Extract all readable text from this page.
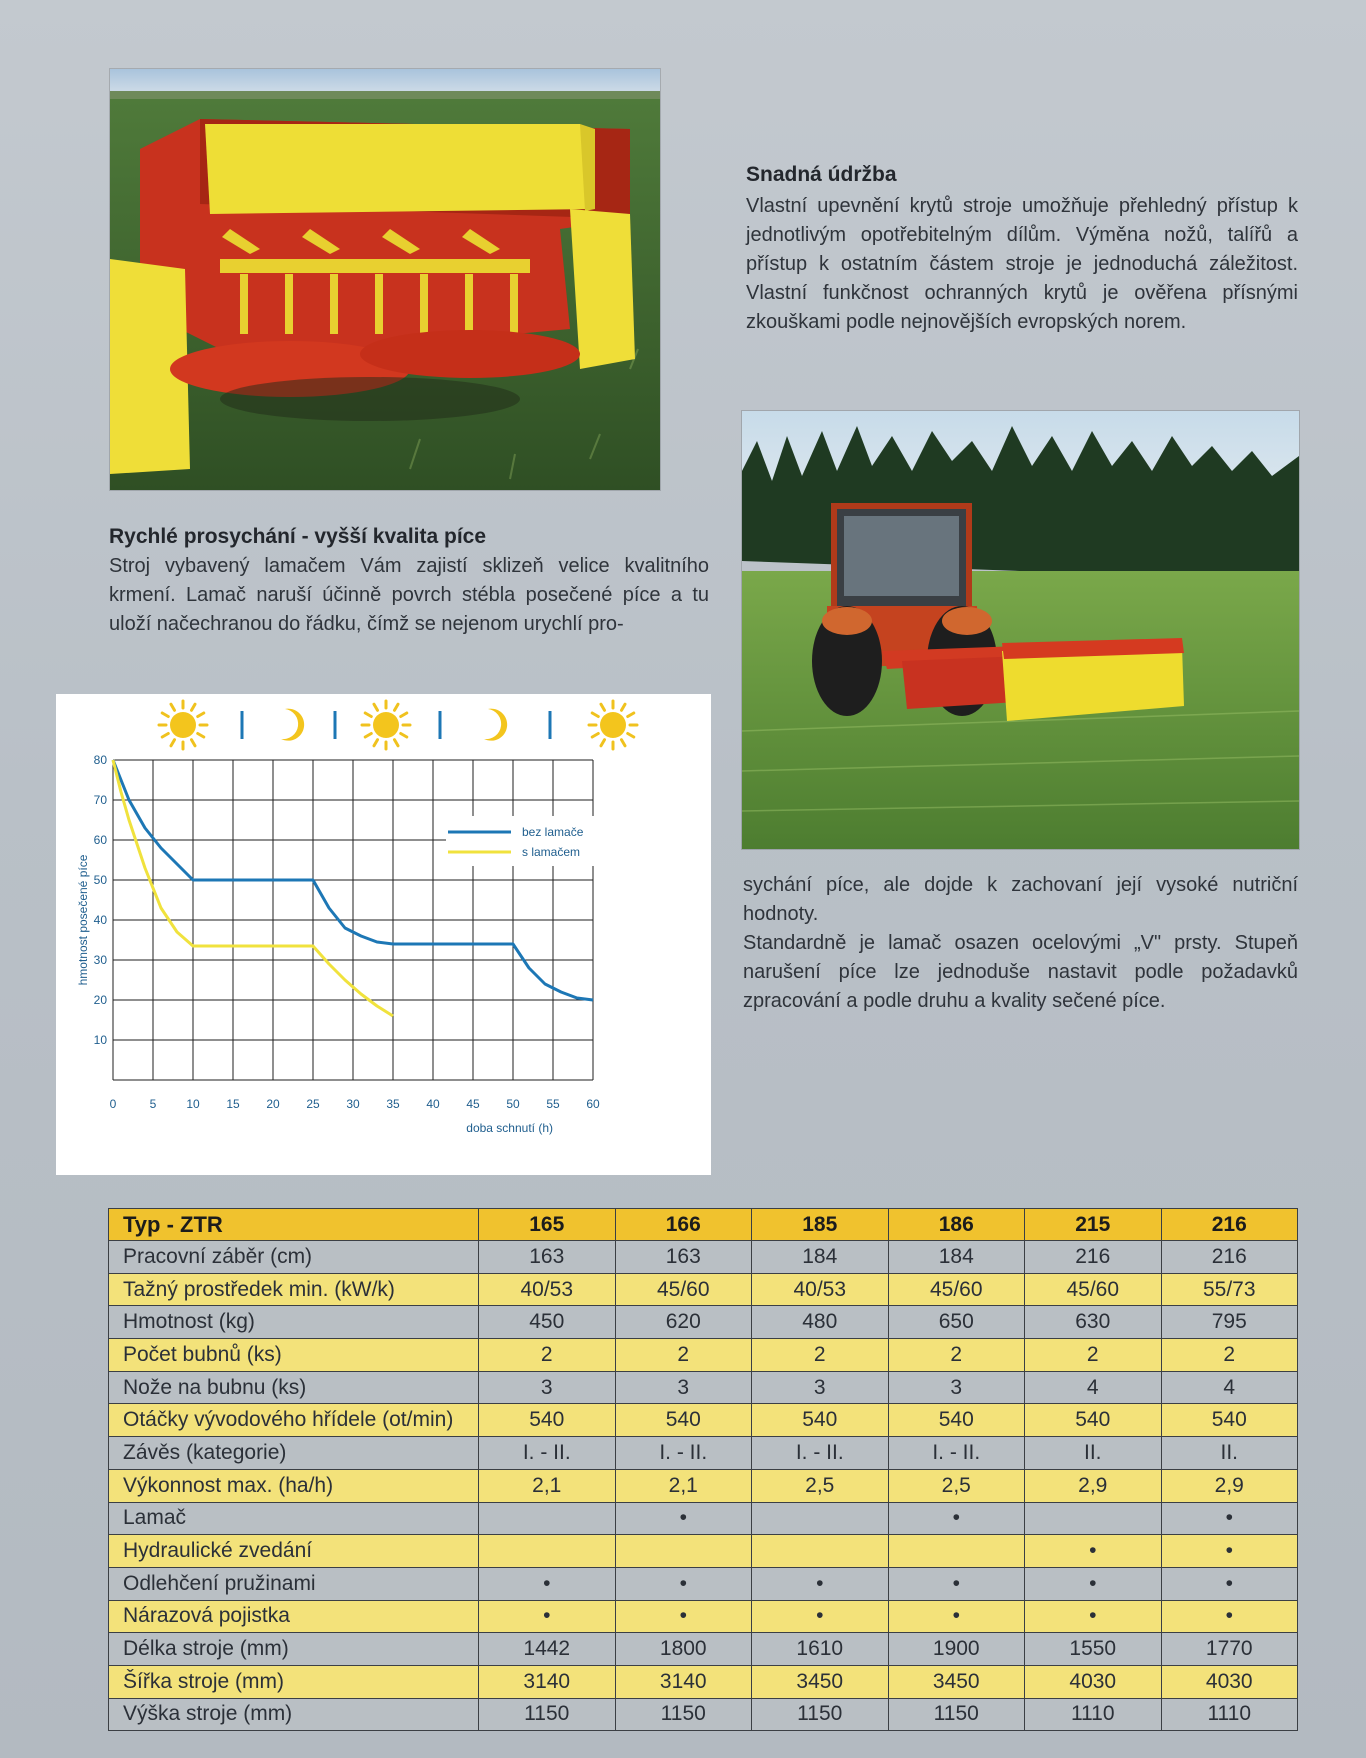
Snadná údržba
Vlastní upevnění krytů stroje umožňuje přehledný přístup k jednotlivým opotřebitelným dílům. Výměna nožů, talířů a přístup k ostatním částem stroje je jednoduchá záležitost. Vlastní funkčnost ochranných krytů je ověřena přísnými zkouškami podle nejnovějších evropských norem.
Rychlé prosychání - vyšší kvalita píce
Stroj vybavený lamačem Vám zajistí sklizeň velice kvalitního krmení. Lamač naruší účinně povrch stébla posečené píce a tu uloží načechranou do řádku, čímž se nejenom urychlí pro-

sychání píce, ale dojde k zachovaní její vysoké nutriční hodnoty.

Standardně je lamač osazen ocelovými „V" prsty. Stupeň narušení píce lze jednoduše nastavit podle požadavků zpracování a podle druhu a kvality sečené píce.

0	5 10 15 20 25 30 35 40 45 50 55 60
10
20
30
40
50
60
70
80
doba schnutí (h)
hmotnost posečené píce
bez lamače
s lamačem
Typ - ZTR	165	166	185	186	215	216
Pracovní záběr (cm)	163	163	184	184	216	216
Tažný prostředek min. (kW/k)	40/53	45/60	40/53	45/60	45/60	55/73
Hmotnost (kg)	450	620	480	650	630	795
Počet bubnů (ks)	2	2	2	2	2	2
Nože na bubnu (ks)	3	3	3	3	4	4
Otáčky vývodového hřídele (ot/min)	540	540	540	540	540	540
Závěs (kategorie)	I. - II.	I. - II.	I. - II.	I. - II.	II.	II.
Výkonnost max. (ha/h)	2,1	2,1	2,5	2,5	2,9	2,9
Lamač		•		•		•
Hydraulické zvedání					•	•
Odlehčení pružinami	•	•	•	•	•	•
Nárazová pojistka	•	•	•	•	•	•
Délka stroje (mm)	1442	1800	1610	1900	1550	1770
Šířka stroje (mm)	3140	3140	3450	3450	4030	4030
Výška stroje (mm)	1150	1150	1150	1150	1110	1110
